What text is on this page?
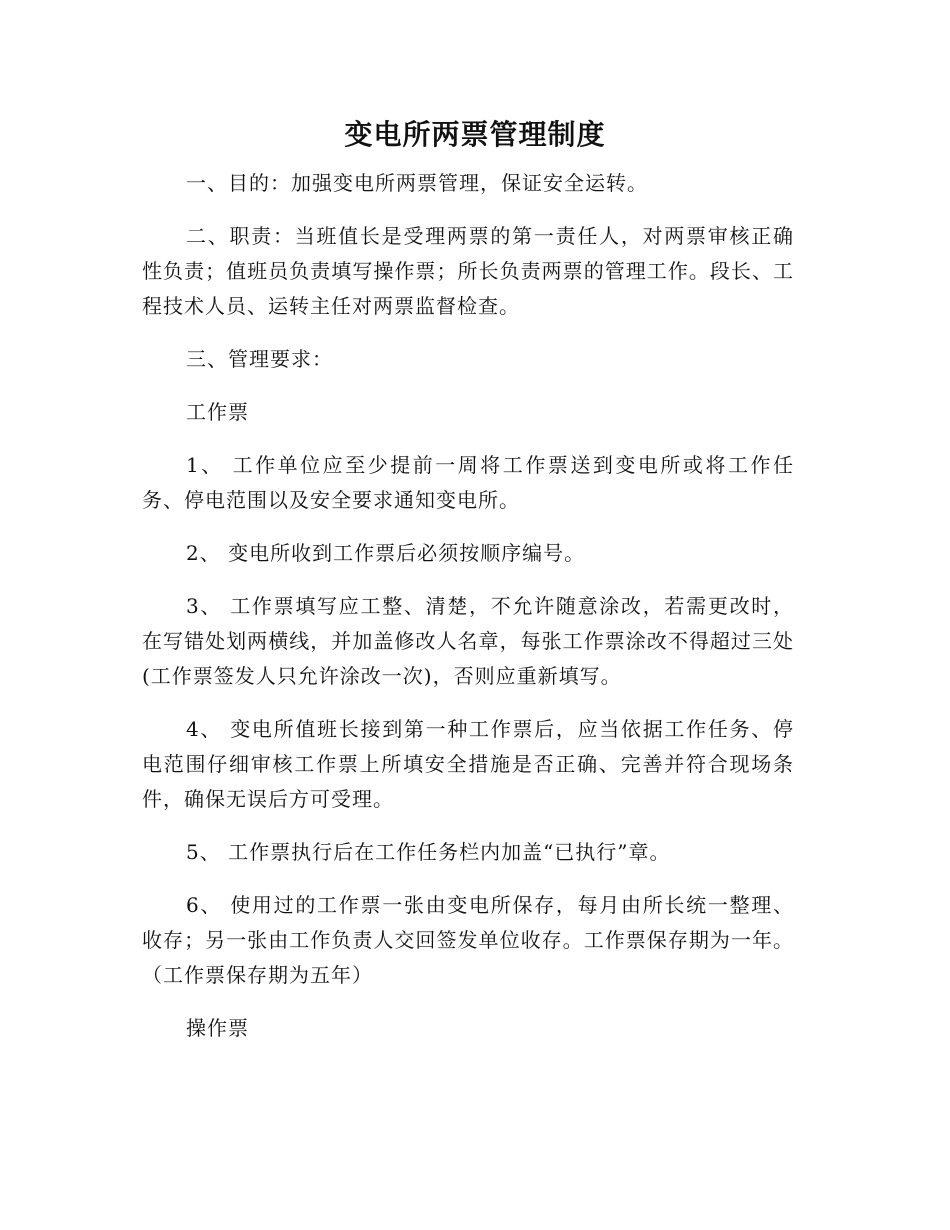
变电所两票管理制度

一、目的：加强变电所两票管理，保证安全运转。

二、职责：当班值长是受理两票的第一责任人，对两票审核正确性负责；值班员负责填写操作票；所长负责两票的管理工作。段长、工程技术人员、运转主任对两票监督检查。

三、管理要求：

工作票

1、 工作单位应至少提前一周将工作票送到变电所或将工作任务、停电范围以及安全要求通知变电所。

2、 变电所收到工作票后必须按顺序编号。

3、 工作票填写应工整、清楚，不允许随意涂改，若需更改时，在写错处划两横线，并加盖修改人名章，每张工作票涂改不得超过三处(工作票签发人只允许涂改一次)，否则应重新填写。

4、 变电所值班长接到第一种工作票后，应当依据工作任务、停电范围仔细审核工作票上所填安全措施是否正确、完善并符合现场条件，确保无误后方可受理。

5、 工作票执行后在工作任务栏内加盖“已执行”章。

6、 使用过的工作票一张由变电所保存，每月由所长统一整理、收存；另一张由工作负责人交回签发单位收存。工作票保存期为一年。（工作票保存期为五年）

操作票
